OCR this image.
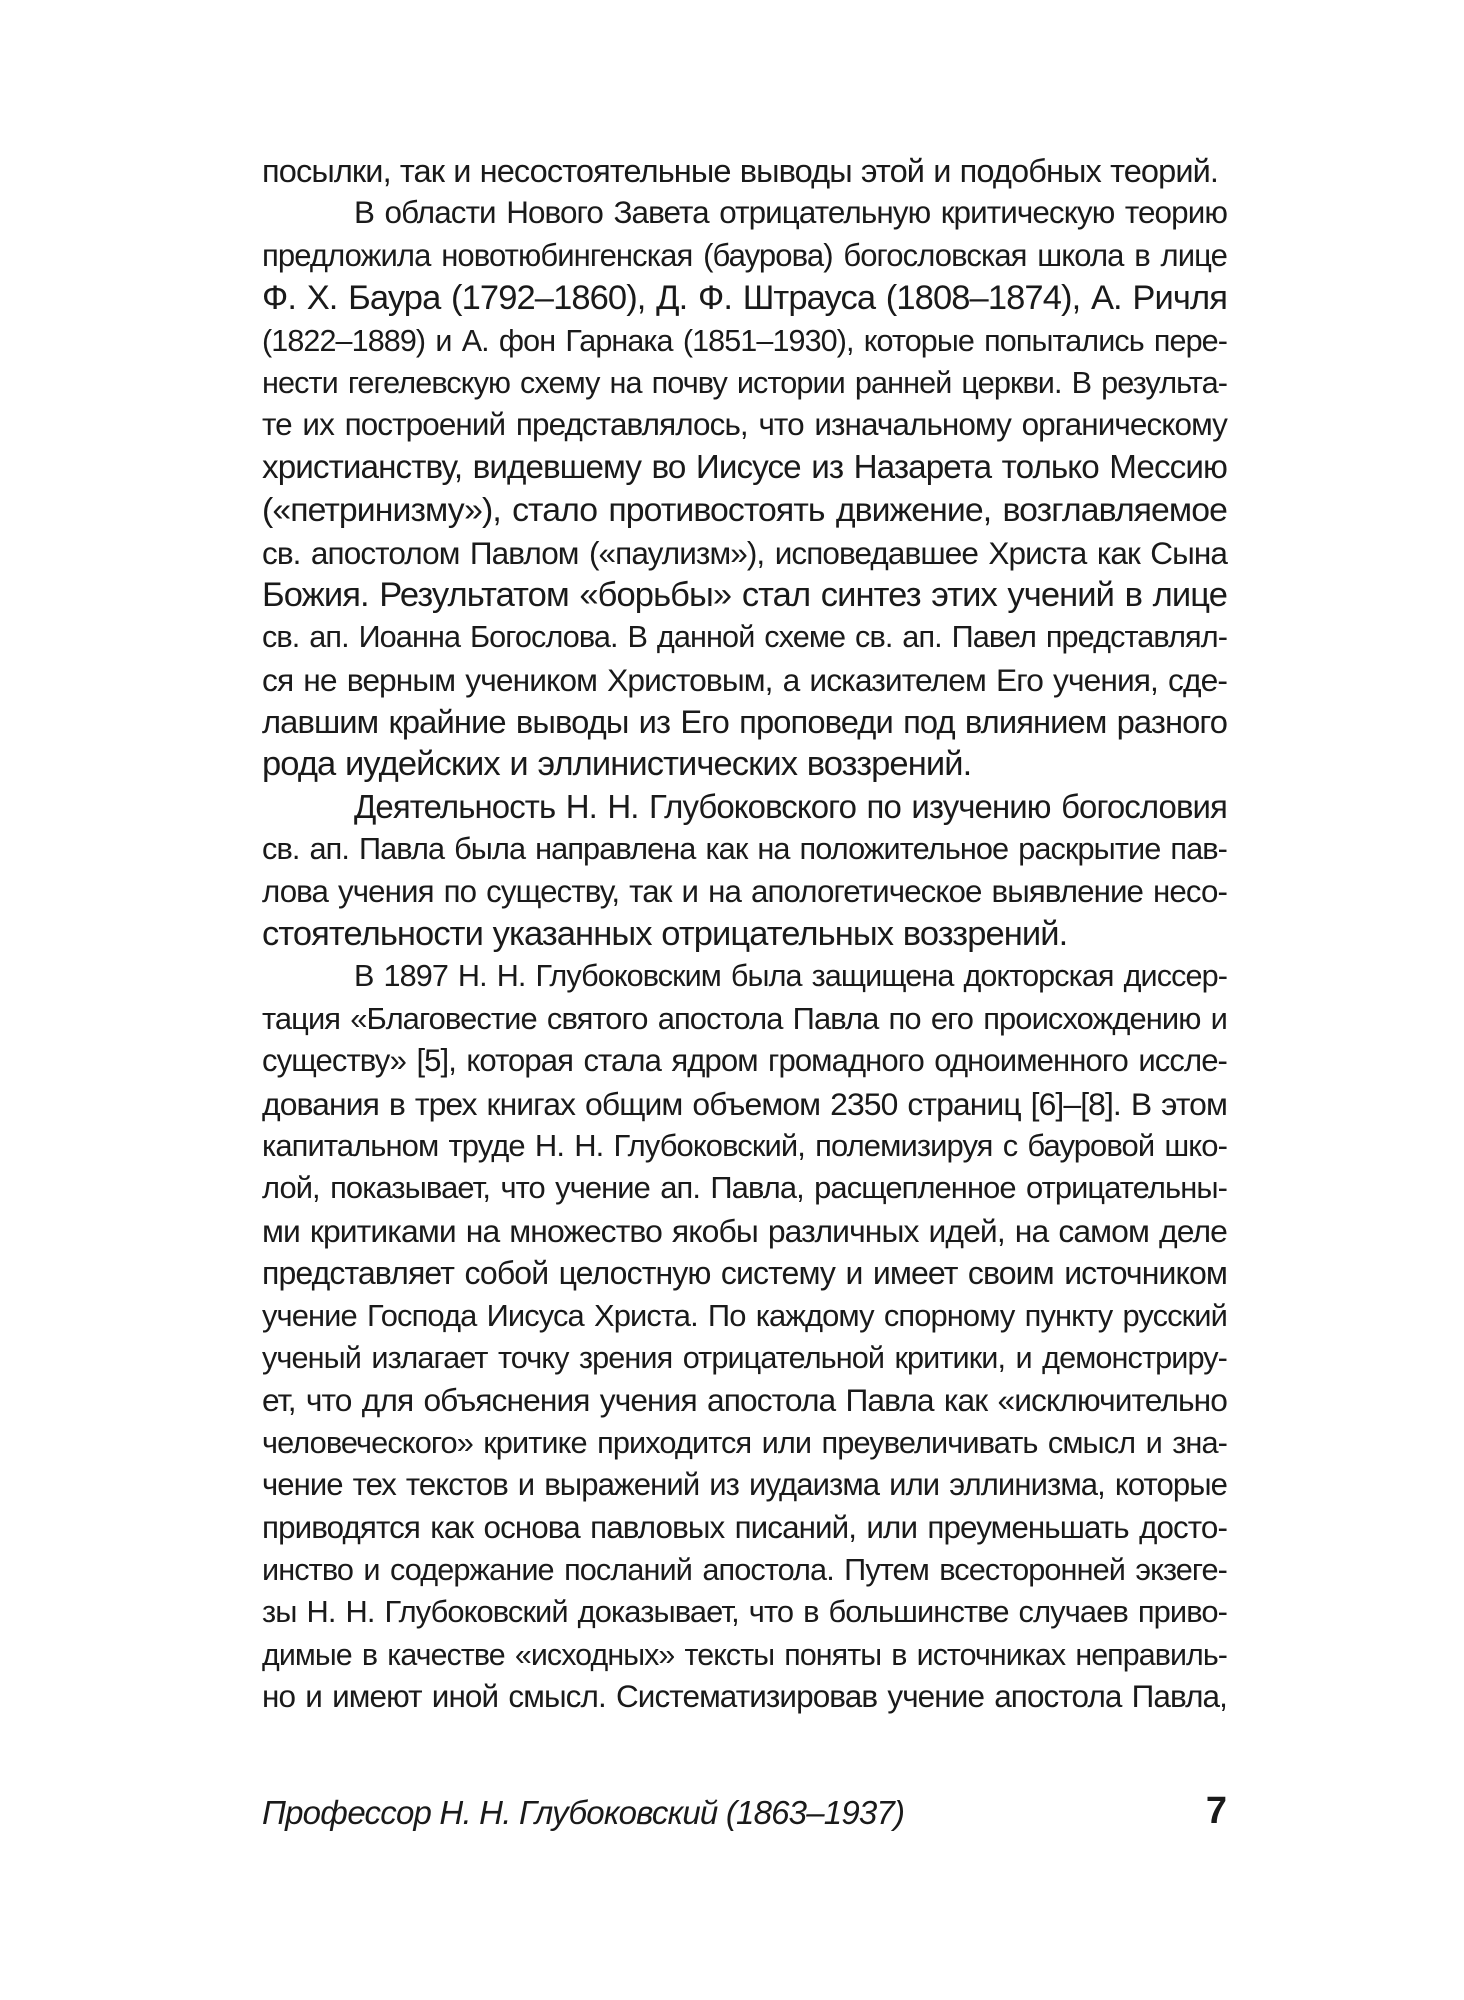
посылки, так и несостоятельные выводы этой и подобных теорий.
В области Нового Завета отрицательную критическую теорию
предложила новотюбингенская (баурова) богословская школа в лице
Ф. Х. Баура (1792–1860), Д. Ф. Штрауса (1808–1874), А. Ричля
(1822–1889) и А. фон Гарнака (1851–1930), которые попытались пере-
нести гегелевскую схему на почву истории ранней церкви. В результа-
те их построений представлялось, что изначальному органическому
христианству, видевшему во Иисусе из Назарета только Мессию
(«петринизму»), стало противостоять движение, возглавляемое
св. апостолом Павлом («паулизм»), исповедавшее Христа как Сына
Божия. Результатом «борьбы» стал синтез этих учений в лице
св. ап. Иоанна Богослова. В данной схеме св. ап. Павел представлял-
ся не верным учеником Христовым, а исказителем Его учения, сде-
лавшим крайние выводы из Его проповеди под влиянием разного
рода иудейских и эллинистических воззрений.
Деятельность Н. Н. Глубоковского по изучению богословия
св. ап. Павла была направлена как на положительное раскрытие пав-
лова учения по существу, так и на апологетическое выявление несо-
стоятельности указанных отрицательных воззрений.
В 1897 Н. Н. Глубоковским была защищена докторская диссер-
тация «Благовестие святого апостола Павла по его происхождению и
существу» [5], которая стала ядром громадного одноименного иссле-
дования в трех книгах общим объемом 2350 страниц [6]–[8]. В этом
капитальном труде Н. Н. Глубоковский, полемизируя с бауровой шко-
лой, показывает, что учение ап. Павла, расщепленное отрицательны-
ми критиками на множество якобы различных идей, на самом деле
представляет собой целостную систему и имеет своим источником
учение Господа Иисуса Христа. По каждому спорному пункту русский
ученый излагает точку зрения отрицательной критики, и демонстриру-
ет, что для объяснения учения апостола Павла как «исключительно
человеческого» критике приходится или преувеличивать смысл и зна-
чение тех текстов и выражений из иудаизма или эллинизма, которые
приводятся как основа павловых писаний, или преуменьшать досто-
инство и содержание посланий апостола. Путем всесторонней экзеге-
зы Н. Н. Глубоковский доказывает, что в большинстве случаев приво-
димые в качестве «исходных» тексты поняты в источниках неправиль-
но и имеют иной смысл. Систематизировав учение апостола Павла,
Профессор Н. Н. Глубоковский (1863–1937)	7
